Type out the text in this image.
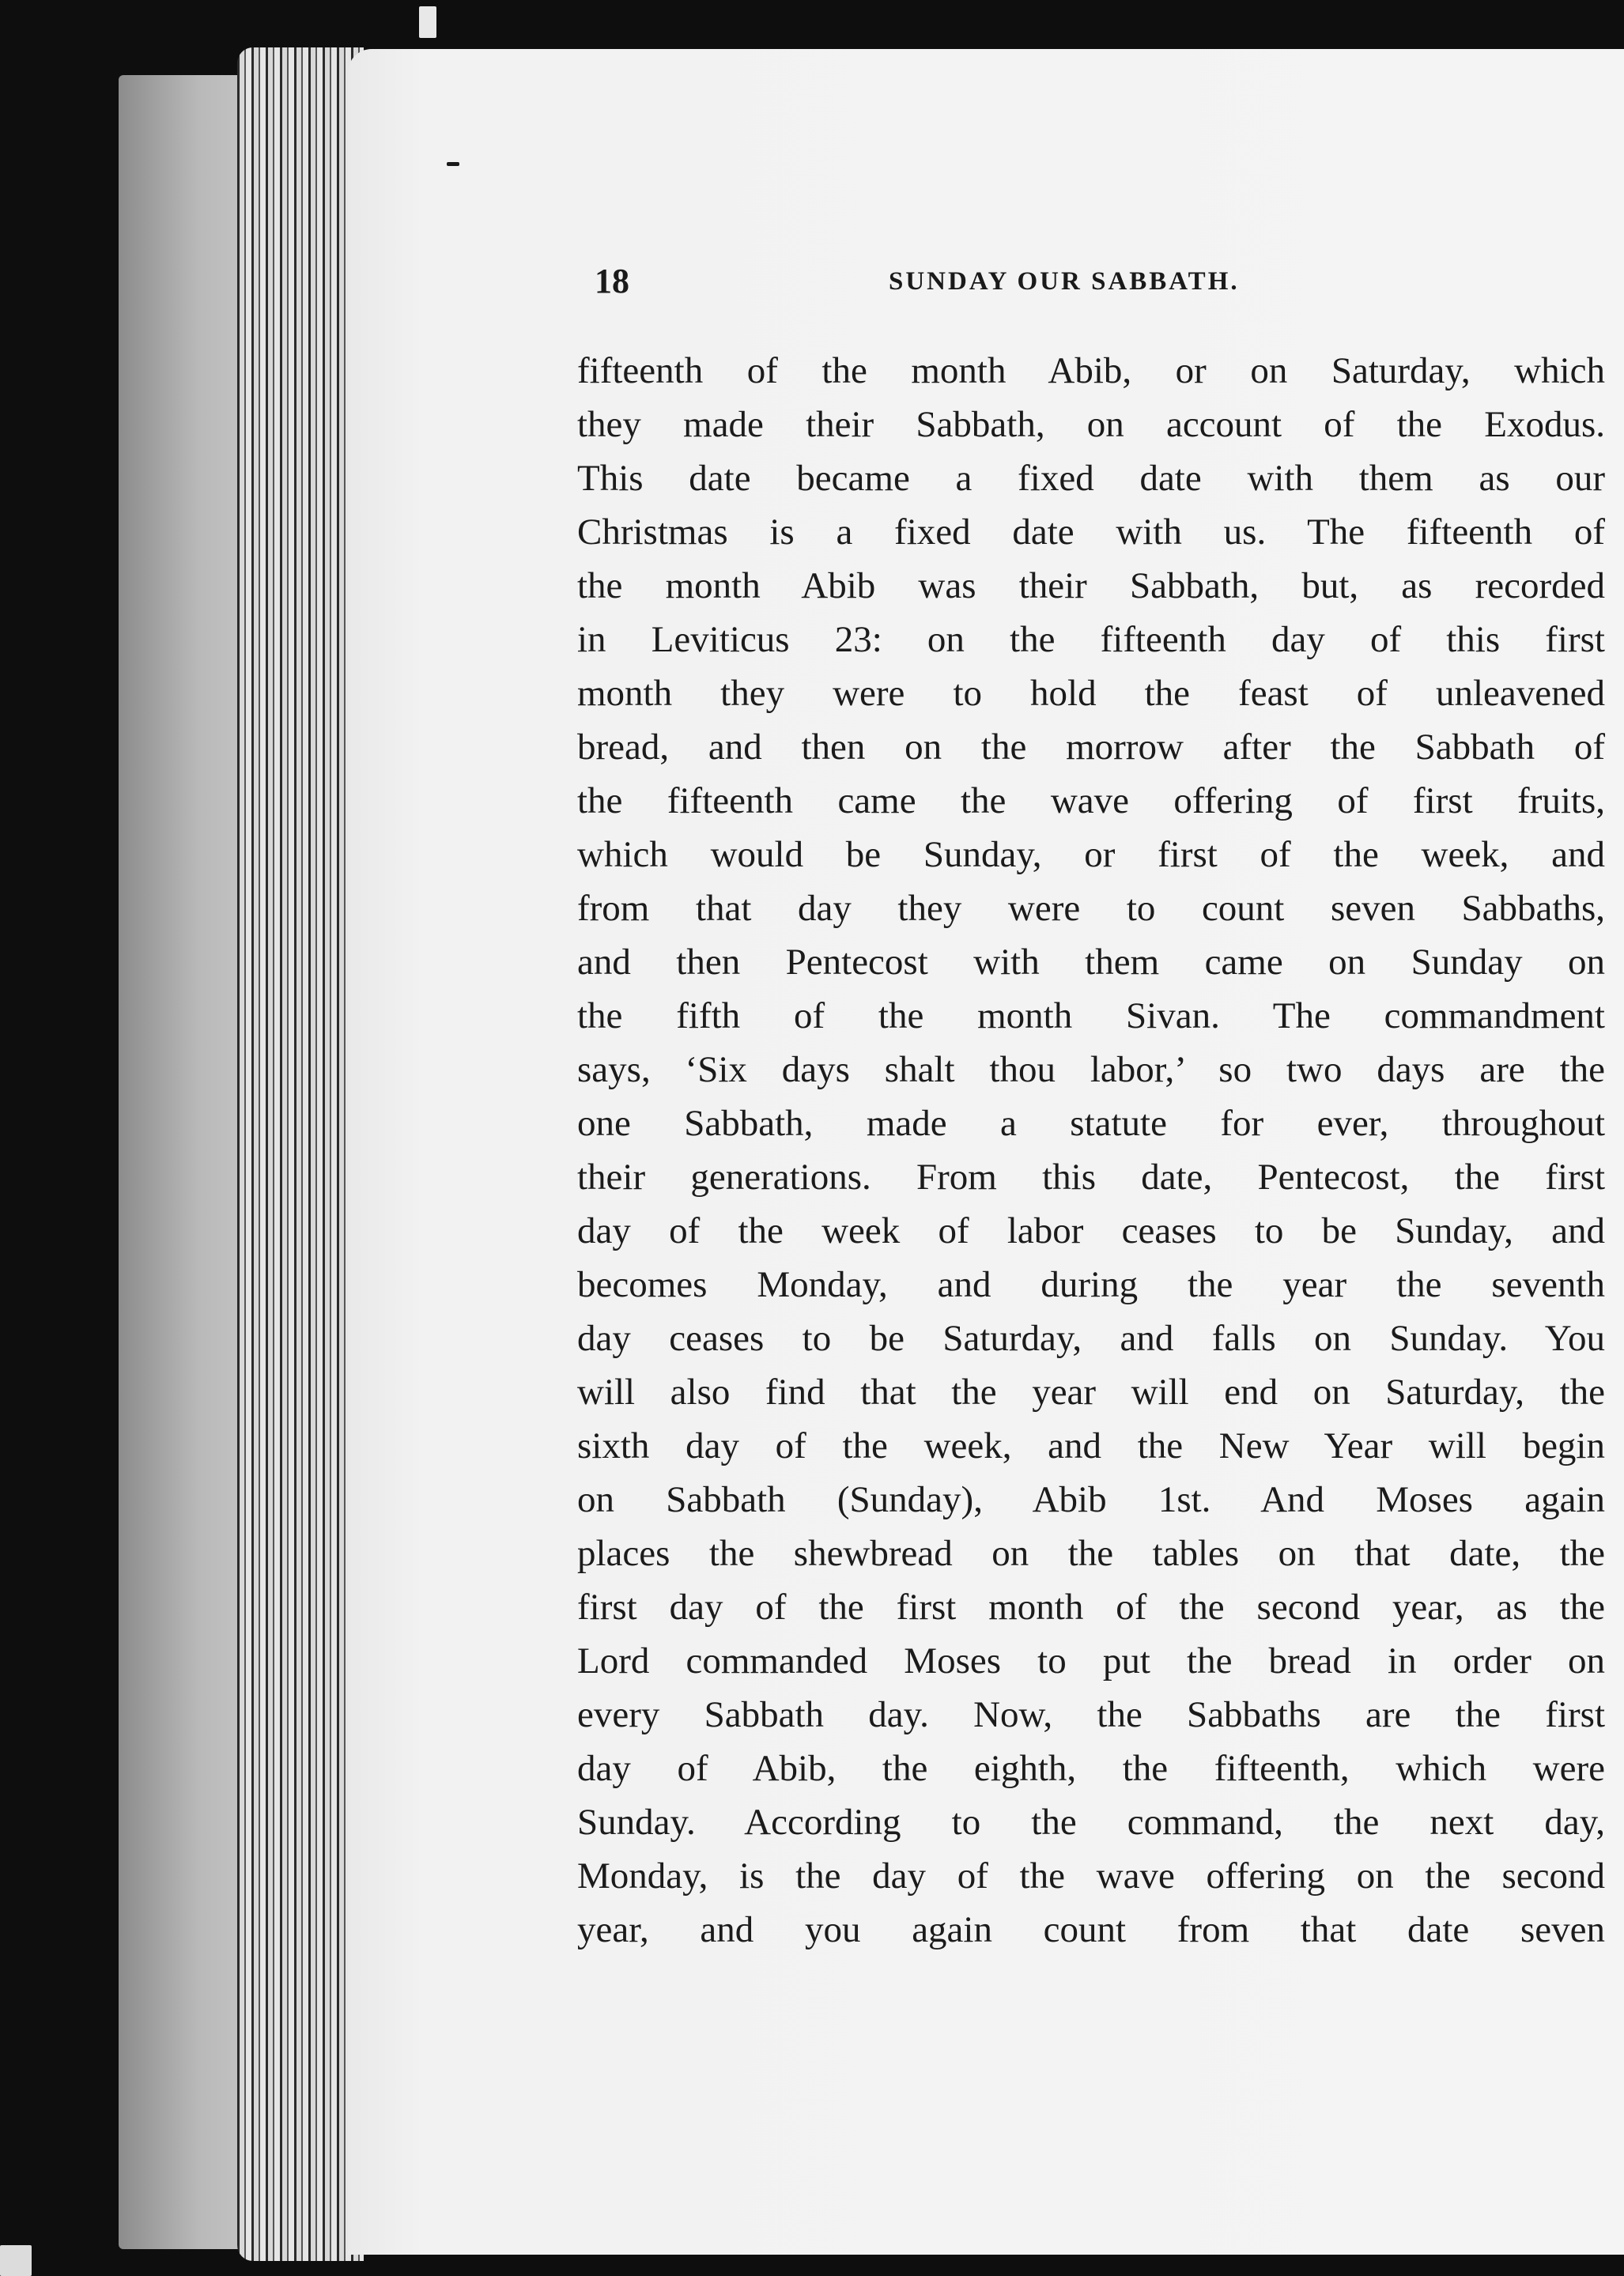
18	SUNDAY OUR SABBATH.
fifteenth of the month Abib, or on Saturday, which
they made their Sabbath, on account of the Exodus.
This date became a fixed date with them as our
Christmas is a fixed date with us. The fifteenth of
the month Abib was their Sabbath, but, as recorded
in Leviticus 23: on the fifteenth day of this first
month they were to hold the feast of unleavened
bread, and then on the morrow after the Sabbath of
the fifteenth came the wave offering of first fruits,
which would be Sunday, or first of the week, and
from that day they were to count seven Sabbaths,
and then Pentecost with them came on Sunday on
the fifth of the month Sivan. The commandment
says, ‘Six days shalt thou labor,’ so two days are the
one Sabbath, made a statute for ever, throughout
their generations. From this date, Pentecost, the first
day of the week of labor ceases to be Sunday, and
becomes Monday, and during the year the seventh
day ceases to be Saturday, and falls on Sunday. You
will also find that the year will end on Saturday, the
sixth day of the week, and the New Year will begin
on Sabbath (Sunday), Abib 1st. And Moses again
places the shewbread on the tables on that date, the
first day of the first month of the second year, as the
Lord commanded Moses to put the bread in order on
every Sabbath day. Now, the Sabbaths are the first
day of Abib, the eighth, the fifteenth, which were
Sunday. According to the command, the next day,
Monday, is the day of the wave offering on the second
year, and you again count from that date seven
